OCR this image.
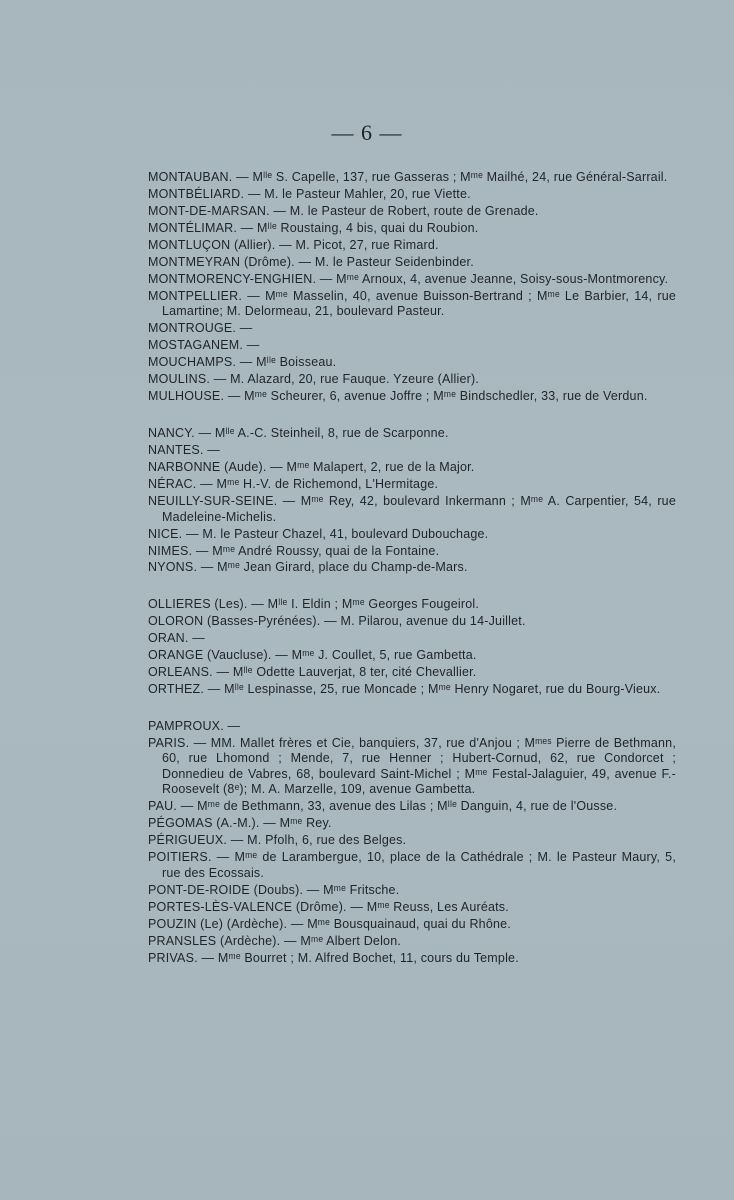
— 6 —
MONTAUBAN. — Mˡˡᵉ S. Capelle, 137, rue Gasseras ; Mᵐᵉ Mailhé, 24, rue Général-Sarrail.
MONTBÉLIARD. — M. le Pasteur Mahler, 20, rue Viette.
MONT-DE-MARSAN. — M. le Pasteur de Robert, route de Grenade.
MONTÉLIMAR. — Mˡˡᵉ Roustaing, 4 bis, quai du Roubion.
MONTLUÇON (Allier). — M. Picot, 27, rue Rimard.
MONTMEYRAN (Drôme). — M. le Pasteur Seidenbinder.
MONTMORENCY-ENGHIEN. — Mᵐᵉ Arnoux, 4, avenue Jeanne, Soisy-sous-Montmorency.
MONTPELLIER. — Mᵐᵉ Masselin, 40, avenue Buisson-Bertrand ; Mᵐᵉ Le Barbier, 14, rue Lamartine; M. Delormeau, 21, boulevard Pasteur.
MONTROUGE. —
MOSTAGANEM. —
MOUCHAMPS. — Mˡˡᵉ Boisseau.
MOULINS. — M. Alazard, 20, rue Fauque. Yzeure (Allier).
MULHOUSE. — Mᵐᵉ Scheurer, 6, avenue Joffre ; Mᵐᵉ Bindschedler, 33, rue de Verdun.
NANCY. — Mˡˡᵉ A.-C. Steinheil, 8, rue de Scarponne.
NANTES. —
NARBONNE (Aude). — Mᵐᵉ Malapert, 2, rue de la Major.
NÉRAC. — Mᵐᵉ H.-V. de Richemond, L'Hermitage.
NEUILLY-SUR-SEINE. — Mᵐᵉ Rey, 42, boulevard Inkermann ; Mᵐᵉ A. Carpentier, 54, rue Madeleine-Michelis.
NICE. — M. le Pasteur Chazel, 41, boulevard Dubouchage.
NIMES. — Mᵐᵉ André Roussy, quai de la Fontaine.
NYONS. — Mᵐᵉ Jean Girard, place du Champ-de-Mars.
OLLIERES (Les). — Mˡˡᵉ I. Eldin ; Mᵐᵉ Georges Fougeirol.
OLORON (Basses-Pyrénées). — M. Pilarou, avenue du 14-Juillet.
ORAN. —
ORANGE (Vaucluse). — Mᵐᵉ J. Coullet, 5, rue Gambetta.
ORLEANS. — Mˡˡᵉ Odette Lauverjat, 8 ter, cité Chevallier.
ORTHEZ. — Mˡˡᵉ Lespinasse, 25, rue Moncade ; Mᵐᵉ Henry Nogaret, rue du Bourg-Vieux.
PAMPROUX. —
PARIS. — MM. Mallet frères et Cie, banquiers, 37, rue d'Anjou ; Mᵐᵉˢ Pierre de Bethmann, 60, rue Lhomond ; Mende, 7, rue Henner ; Hubert-Cornud, 62, rue Condorcet ; Donnedieu de Vabres, 68, boulevard Saint-Michel ; Mᵐᵉ Festal-Jalaguier, 49, avenue F.-Roosevelt (8ᵉ); M. A. Marzelle, 109, avenue Gambetta.
PAU. — Mᵐᵉ de Bethmann, 33, avenue des Lilas ; Mˡˡᵉ Danguin, 4, rue de l'Ousse.
PÉGOMAS (A.-M.). — Mᵐᵉ Rey.
PÉRIGUEUX. — M. Pfolh, 6, rue des Belges.
POITIERS. — Mᵐᵉ de Larambergue, 10, place de la Cathédrale ; M. le Pasteur Maury, 5, rue des Ecossais.
PONT-DE-ROIDE (Doubs). — Mᵐᵉ Fritsche.
PORTES-LÈS-VALENCE (Drôme). — Mᵐᵉ Reuss, Les Auréats.
POUZIN (Le) (Ardèche). — Mᵐᵉ Bousquainaud, quai du Rhône.
PRANSLES (Ardèche). — Mᵐᵉ Albert Delon.
PRIVAS. — Mᵐᵉ Bourret ; M. Alfred Bochet, 11, cours du Temple.
